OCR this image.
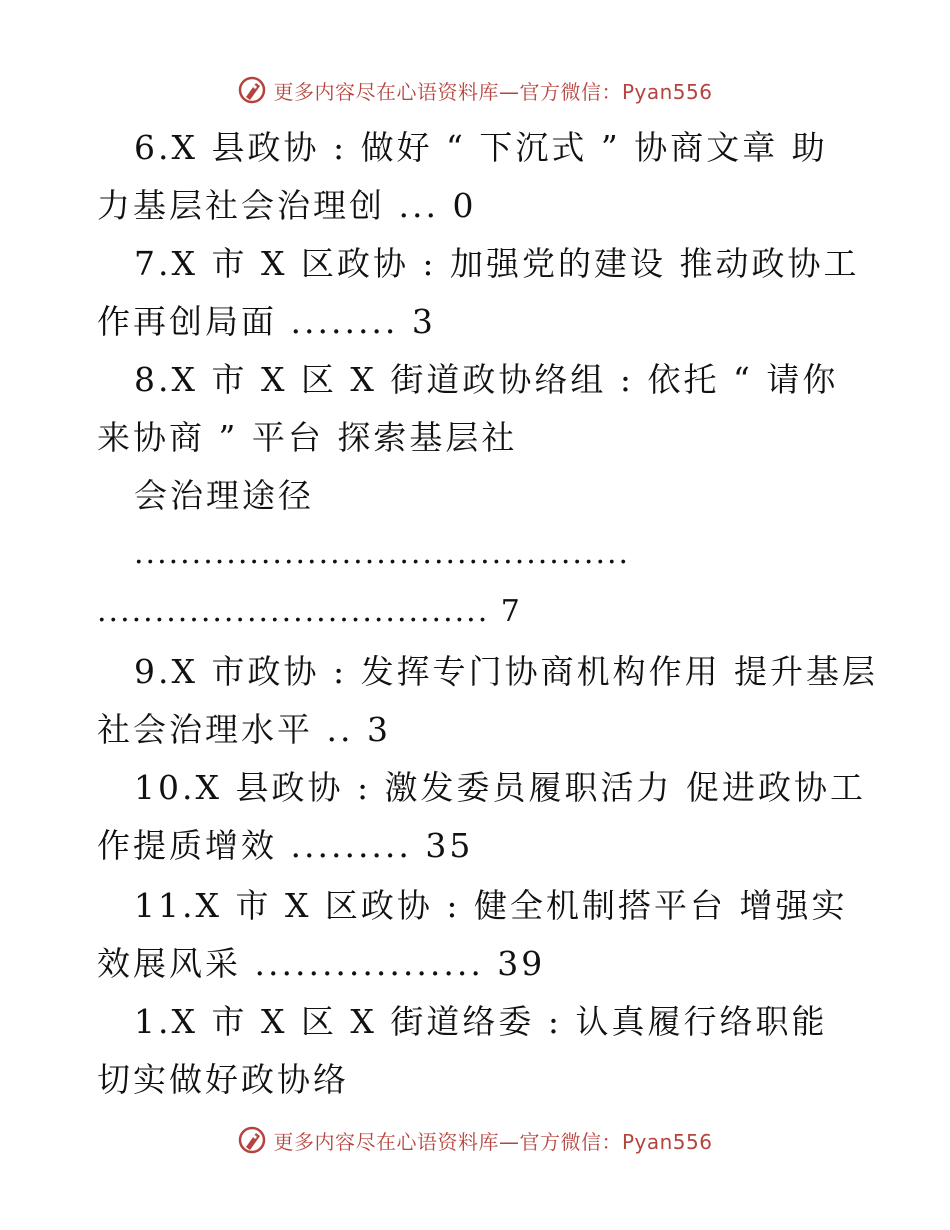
更多内容尽在心语资料库—官方微信：Pyan556
6.X 县政协 : 做好 “ 下沉式 ” 协商文章 助
力基层社会治理创 ... 0
7.X 市 X 区政协 : 加强党的建设 推动政协工
作再创局面 ........ 3
8.X 市 X 区 X 街道政协络组 : 依托 “ 请你
来协商 ” 平台 探索基层社
会治理途径
...........................................
.................................. 7
9.X 市政协 : 发挥专门协商机构作用 提升基层
社会治理水平 .. 3
10.X 县政协 : 激发委员履职活力 促进政协工
作提质增效 ......... 35
11.X 市 X 区政协 : 健全机制搭平台 增强实
效展风采 ................. 39
1.X 市 X 区 X 街道络委 : 认真履行络职能
切实做好政协络
更多内容尽在心语资料库—官方微信：Pyan556
